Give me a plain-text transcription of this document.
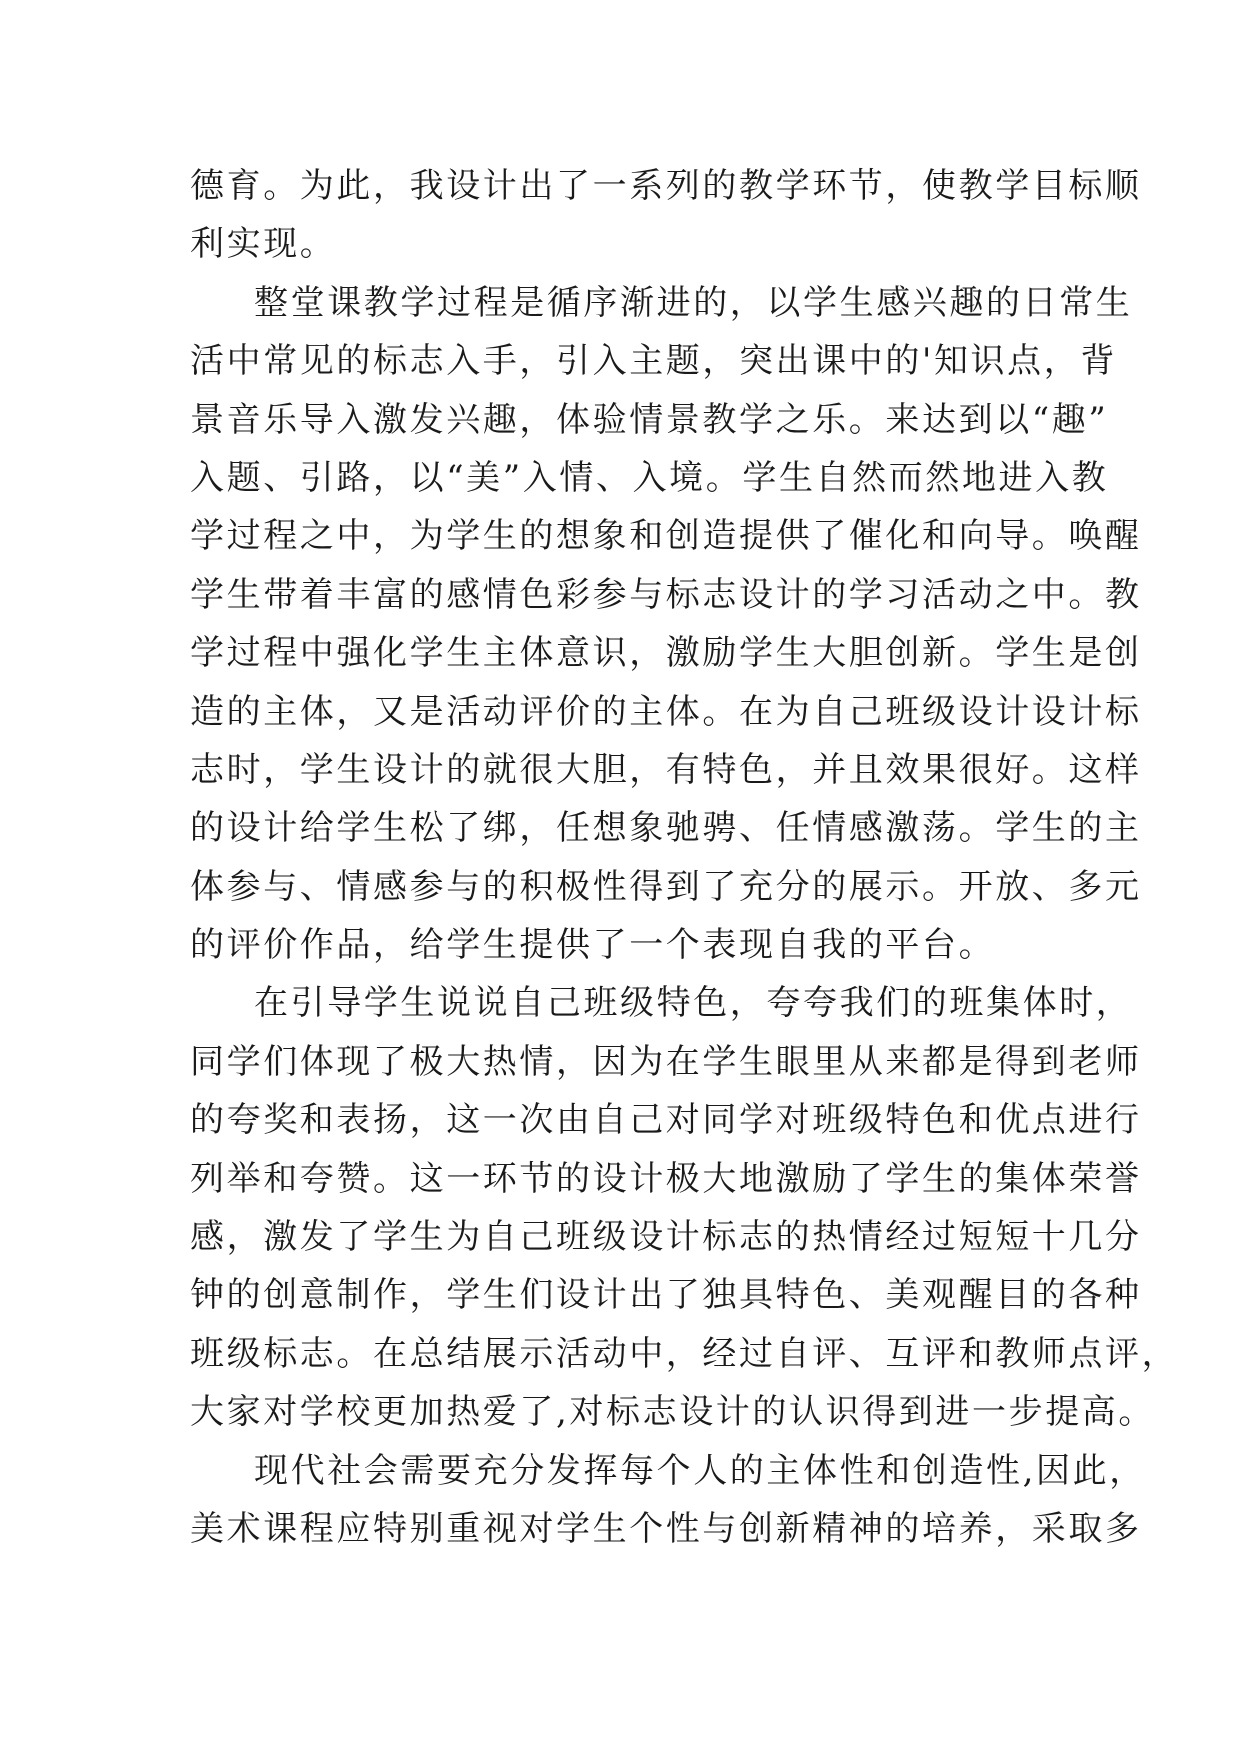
德育。为此，我设计出了一系列的教学环节，使教学目标顺
利实现。
整堂课教学过程是循序渐进的，以学生感兴趣的日常生
活中常见的标志入手，引入主题，突出课中的'知识点，背
景音乐导入激发兴趣，体验情景教学之乐。来达到以“趣”
入题、引路，以“美”入情、入境。学生自然而然地进入教
学过程之中，为学生的想象和创造提供了催化和向导。唤醒
学生带着丰富的感情色彩参与标志设计的学习活动之中。教
学过程中强化学生主体意识，激励学生大胆创新。学生是创
造的主体，又是活动评价的主体。在为自己班级设计设计标
志时，学生设计的就很大胆，有特色，并且效果很好。这样
的设计给学生松了绑，任想象驰骋、任情感激荡。学生的主
体参与、情感参与的积极性得到了充分的展示。开放、多元
的评价作品，给学生提供了一个表现自我的平台。
在引导学生说说自己班级特色，夸夸我们的班集体时，
同学们体现了极大热情，因为在学生眼里从来都是得到老师
的夸奖和表扬，这一次由自己对同学对班级特色和优点进行
列举和夸赞。这一环节的设计极大地激励了学生的集体荣誉
感，激发了学生为自己班级设计标志的热情经过短短十几分
钟的创意制作，学生们设计出了独具特色、美观醒目的各种
班级标志。在总结展示活动中，经过自评、互评和教师点评，
大家对学校更加热爱了,对标志设计的认识得到进一步提高。
现代社会需要充分发挥每个人的主体性和创造性,因此，
美术课程应特别重视对学生个性与创新精神的培养，采取多
